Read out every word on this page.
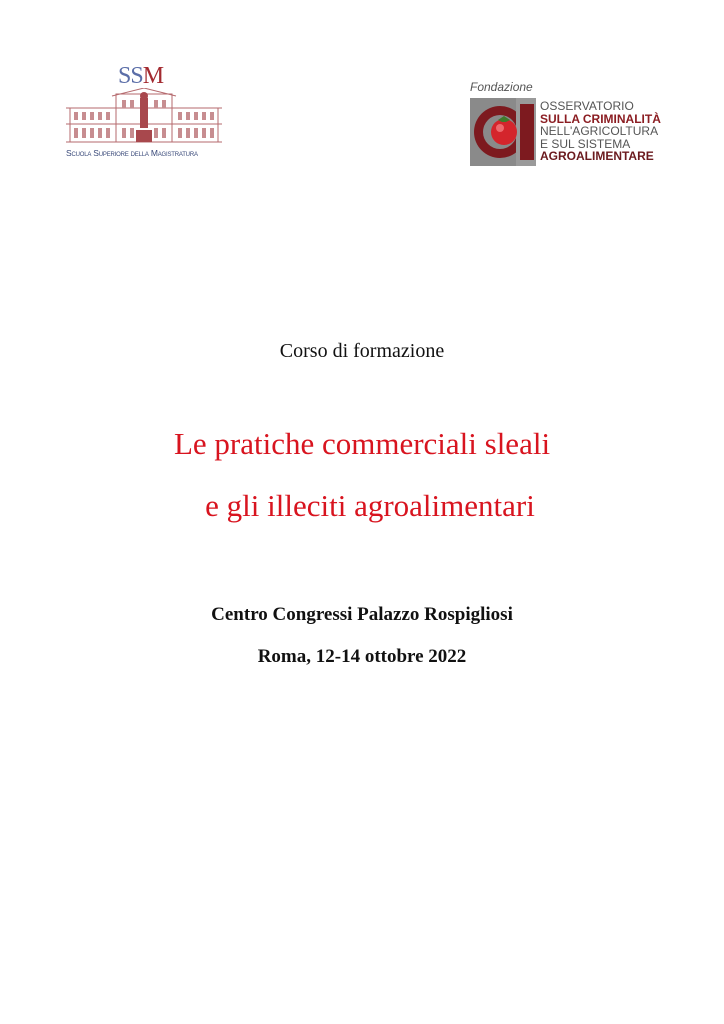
SSM
Scuola Superiore della Magistratura
Fondazione
OSSERVATORIO
SULLA CRIMINALITÀ
NELL'AGRICOLTURA
E SUL SISTEMA
AGROALIMENTARE
Corso di formazione
Le pratiche commerciali sleali
e gli illeciti agroalimentari
Centro Congressi Palazzo Rospigliosi
Roma, 12-14 ottobre 2022
